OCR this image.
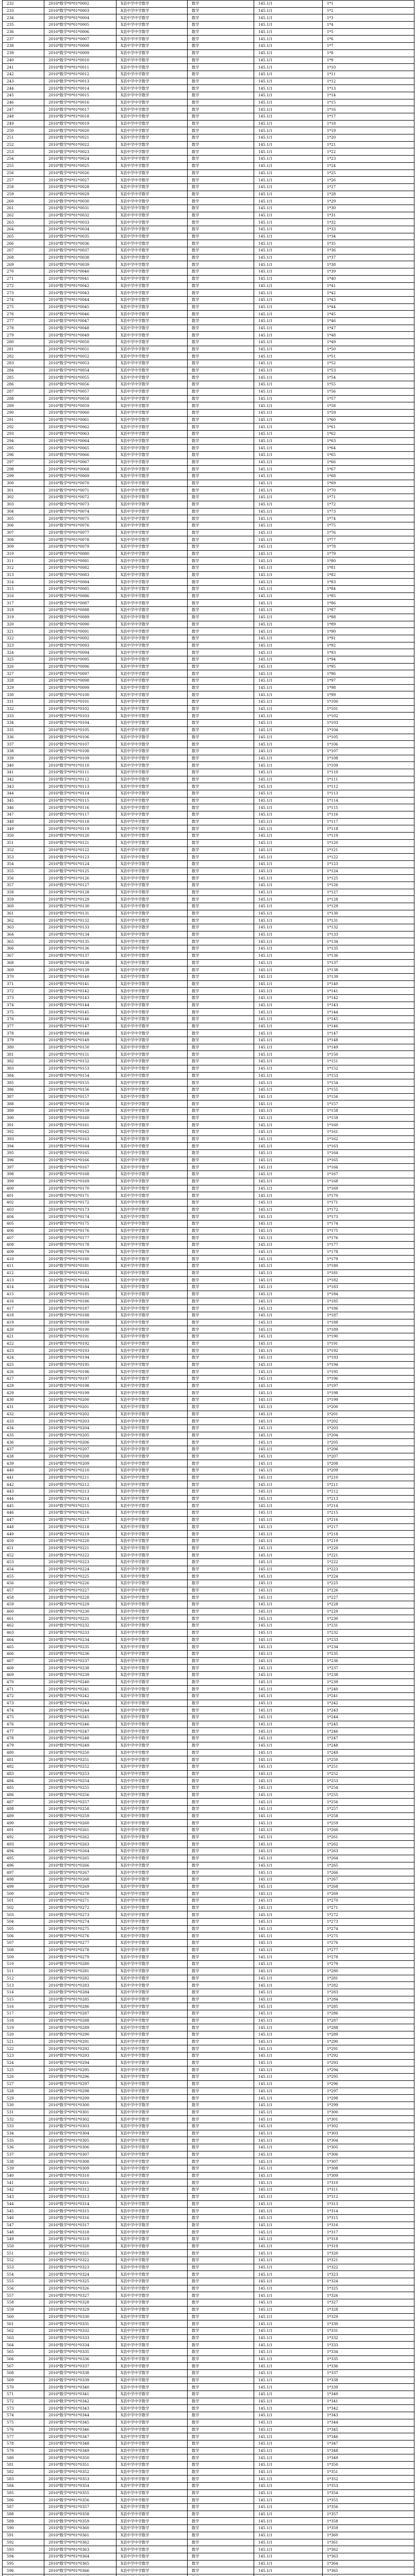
232	2016*数学*0*01*0002	X县中学中学数学	数学	145.1/1	1*1
233	2016*数学*0*01*0003	X县中学中学数学	数学	145.1/1	1*2
234	2016*数学*0*01*0004	X县中学中学数学	数学	145.1/1	1*3
235	2016*数学*0*01*0005	X县中学中学数学	数学	145.1/1	1*4
236	2016*数学*0*01*0006	X县中学中学数学	数学	145.1/1	1*5
237	2016*数学*0*01*0007	X县中学中学数学	数学	145.1/1	1*6
238	2016*数学*0*01*0008	X县中学中学数学	数学	145.1/1	1*7
239	2016*数学*0*01*0009	X县中学中学数学	数学	145.1/1	1*8
240	2016*数学*0*01*0010	X县中学中学数学	数学	145.1/1	1*9
241	2016*数学*0*01*0011	X县中学中学数学	数学	145.1/1	1*10
242	2016*数学*0*01*0012	X县中学中学数学	数学	145.1/1	1*11
243	2016*数学*0*01*0013	X县中学中学数学	数学	145.1/1	1*12
244	2016*数学*0*01*0014	X县中学中学数学	数学	145.1/1	1*13
245	2016*数学*0*01*0015	X县中学中学数学	数学	145.1/1	1*14
246	2016*数学*0*01*0016	X县中学中学数学	数学	145.1/1	1*15
247	2016*数学*0*01*0017	X县中学中学数学	数学	145.1/1	1*16
248	2016*数学*0*01*0018	X县中学中学数学	数学	145.1/1	1*17
249	2016*数学*0*01*0019	X县中学中学数学	数学	145.1/1	1*18
250	2016*数学*0*01*0020	X县中学中学数学	数学	145.1/1	1*19
251	2016*数学*0*01*0021	X县中学中学数学	数学	145.1/1	1*20
252	2016*数学*0*01*0022	X县中学中学数学	数学	145.1/1	1*21
253	2016*数学*0*01*0023	X县中学中学数学	数学	145.1/1	1*22
254	2016*数学*0*01*0024	X县中学中学数学	数学	145.1/1	1*23
255	2016*数学*0*01*0025	X县中学中学数学	数学	145.1/1	1*24
256	2016*数学*0*01*0026	X县中学中学数学	数学	145.1/1	1*25
257	2016*数学*0*01*0027	X县中学中学数学	数学	145.1/1	1*26
258	2016*数学*0*01*0028	X县中学中学数学	数学	145.1/1	1*27
259	2016*数学*0*01*0029	X县中学中学数学	数学	145.1/1	1*28
260	2016*数学*0*01*0030	X县中学中学数学	数学	145.1/1	1*29
261	2016*数学*0*01*0031	X县中学中学数学	数学	145.1/1	1*30
262	2016*数学*0*01*0032	X县中学中学数学	数学	145.1/1	1*31
263	2016*数学*0*01*0033	X县中学中学数学	数学	145.1/1	1*32
264	2016*数学*0*01*0034	X县中学中学数学	数学	145.1/1	1*33
265	2016*数学*0*01*0035	X县中学中学数学	数学	145.1/1	1*34
266	2016*数学*0*01*0036	X县中学中学数学	数学	145.1/1	1*35
267	2016*数学*0*01*0037	X县中学中学数学	数学	145.1/1	1*36
268	2016*数学*0*01*0038	X县中学中学数学	数学	145.1/1	1*37
269	2016*数学*0*01*0039	X县中学中学数学	数学	145.1/1	1*38
270	2016*数学*0*01*0040	X县中学中学数学	数学	145.1/1	1*39
271	2016*数学*0*01*0041	X县中学中学数学	数学	145.1/1	1*40
272	2016*数学*0*01*0042	X县中学中学数学	数学	145.1/1	1*41
273	2016*数学*0*01*0043	X县中学中学数学	数学	145.1/1	1*42
274	2016*数学*0*01*0044	X县中学中学数学	数学	145.1/1	1*43
275	2016*数学*0*01*0045	X县中学中学数学	数学	145.1/1	1*44
276	2016*数学*0*01*0046	X县中学中学数学	数学	145.1/1	1*45
277	2016*数学*0*01*0047	X县中学中学数学	数学	145.1/1	1*46
278	2016*数学*0*01*0048	X县中学中学数学	数学	145.1/1	1*47
279	2016*数学*0*01*0049	X县中学中学数学	数学	145.1/1	1*48
280	2016*数学*0*01*0050	X县中学中学数学	数学	145.1/1	1*49
281	2016*数学*0*01*0051	X县中学中学数学	数学	145.1/1	1*50
282	2016*数学*0*01*0052	X县中学中学数学	数学	145.1/1	1*51
283	2016*数学*0*01*0053	X县中学中学数学	数学	145.1/1	1*52
284	2016*数学*0*01*0054	X县中学中学数学	数学	145.1/1	1*53
285	2016*数学*0*01*0055	X县中学中学数学	数学	145.1/1	1*54
286	2016*数学*0*01*0056	X县中学中学数学	数学	145.1/1	1*55
287	2016*数学*0*01*0057	X县中学中学数学	数学	145.1/1	1*56
288	2016*数学*0*01*0058	X县中学中学数学	数学	145.1/1	1*57
289	2016*数学*0*01*0059	X县中学中学数学	数学	145.1/1	1*58
290	2016*数学*0*01*0060	X县中学中学数学	数学	145.1/1	1*59
291	2016*数学*0*01*0061	X县中学中学数学	数学	145.1/1	1*60
292	2016*数学*0*01*0062	X县中学中学数学	数学	145.1/1	1*61
293	2016*数学*0*01*0063	X县中学中学数学	数学	145.1/1	1*62
294	2016*数学*0*01*0064	X县中学中学数学	数学	145.1/1	1*63
295	2016*数学*0*01*0065	X县中学中学数学	数学	145.1/1	1*64
296	2016*数学*0*01*0066	X县中学中学数学	数学	145.1/1	1*65
297	2016*数学*0*01*0067	X县中学中学数学	数学	145.1/1	1*66
298	2016*数学*0*01*0068	X县中学中学数学	数学	145.1/1	1*67
299	2016*数学*0*01*0069	X县中学中学数学	数学	145.1/1	1*68
300	2016*数学*0*01*0070	X县中学中学数学	数学	145.1/1	1*69
301	2016*数学*0*01*0071	X县中学中学数学	数学	145.1/1	1*70
302	2016*数学*0*01*0072	X县中学中学数学	数学	145.1/1	1*71
303	2016*数学*0*01*0073	X县中学中学数学	数学	145.1/1	1*72
304	2016*数学*0*01*0074	X县中学中学数学	数学	145.1/1	1*73
305	2016*数学*0*01*0075	X县中学中学数学	数学	145.1/1	1*74
306	2016*数学*0*01*0076	X县中学中学数学	数学	145.1/1	1*75
307	2016*数学*0*01*0077	X县中学中学数学	数学	145.1/1	1*76
308	2016*数学*0*01*0078	X县中学中学数学	数学	145.1/1	1*77
309	2016*数学*0*01*0079	X县中学中学数学	数学	145.1/1	1*78
310	2016*数学*0*01*0080	X县中学中学数学	数学	145.1/1	1*79
311	2016*数学*0*01*0081	X县中学中学数学	数学	145.1/1	1*80
312	2016*数学*0*01*0082	X县中学中学数学	数学	145.1/1	1*81
313	2016*数学*0*01*0083	X县中学中学数学	数学	145.1/1	1*82
314	2016*数学*0*01*0084	X县中学中学数学	数学	145.1/1	1*83
315	2016*数学*0*01*0085	X县中学中学数学	数学	145.1/1	1*84
316	2016*数学*0*01*0086	X县中学中学数学	数学	145.1/1	1*85
317	2016*数学*0*01*0087	X县中学中学数学	数学	145.1/1	1*86
318	2016*数学*0*01*0088	X县中学中学数学	数学	145.1/1	1*87
319	2016*数学*0*01*0089	X县中学中学数学	数学	145.1/1	1*88
320	2016*数学*0*01*0090	X县中学中学数学	数学	145.1/1	1*89
321	2016*数学*0*01*0091	X县中学中学数学	数学	145.1/1	1*90
322	2016*数学*0*01*0092	X县中学中学数学	数学	145.1/1	1*91
323	2016*数学*0*01*0093	X县中学中学数学	数学	145.1/1	1*92
324	2016*数学*0*01*0094	X县中学中学数学	数学	145.1/1	1*93
325	2016*数学*0*01*0095	X县中学中学数学	数学	145.1/1	1*94
326	2016*数学*0*01*0096	X县中学中学数学	数学	145.1/1	1*95
327	2016*数学*0*01*0097	X县中学中学数学	数学	145.1/1	1*96
328	2016*数学*0*01*0098	X县中学中学数学	数学	145.1/1	1*97
329	2016*数学*0*01*0099	X县中学中学数学	数学	145.1/1	1*98
330	2016*数学*0*01*0100	X县中学中学数学	数学	145.1/1	1*99
331	2016*数学*0*01*0101	X县中学中学数学	数学	145.1/1	1*100
332	2016*数学*0*01*0102	X县中学中学数学	数学	145.1/1	1*101
333	2016*数学*0*01*0103	X县中学中学数学	数学	145.1/1	1*102
334	2016*数学*0*01*0104	X县中学中学数学	数学	145.1/1	1*103
335	2016*数学*0*01*0105	X县中学中学数学	数学	145.1/1	1*104
336	2016*数学*0*01*0106	X县中学中学数学	数学	145.1/1	1*105
337	2016*数学*0*01*0107	X县中学中学数学	数学	145.1/1	1*106
338	2016*数学*0*01*0108	X县中学中学数学	数学	145.1/1	1*107
339	2016*数学*0*01*0109	X县中学中学数学	数学	145.1/1	1*108
340	2016*数学*0*01*0110	X县中学中学数学	数学	145.1/1	1*109
341	2016*数学*0*01*0111	X县中学中学数学	数学	145.1/1	1*110
342	2016*数学*0*01*0112	X县中学中学数学	数学	145.1/1	1*111
343	2016*数学*0*01*0113	X县中学中学数学	数学	145.1/1	1*112
344	2016*数学*0*01*0114	X县中学中学数学	数学	145.1/1	1*113
345	2016*数学*0*01*0115	X县中学中学数学	数学	145.1/1	1*114
346	2016*数学*0*01*0116	X县中学中学数学	数学	145.1/1	1*115
347	2016*数学*0*01*0117	X县中学中学数学	数学	145.1/1	1*116
348	2016*数学*0*01*0118	X县中学中学数学	数学	145.1/1	1*117
349	2016*数学*0*01*0119	X县中学中学数学	数学	145.1/1	1*118
350	2016*数学*0*01*0120	X县中学中学数学	数学	145.1/1	1*119
351	2016*数学*0*01*0121	X县中学中学数学	数学	145.1/1	1*120
352	2016*数学*0*01*0122	X县中学中学数学	数学	145.1/1	1*121
353	2016*数学*0*01*0123	X县中学中学数学	数学	145.1/1	1*122
354	2016*数学*0*01*0124	X县中学中学数学	数学	145.1/1	1*123
355	2016*数学*0*01*0125	X县中学中学数学	数学	145.1/1	1*124
356	2016*数学*0*01*0126	X县中学中学数学	数学	145.1/1	1*125
357	2016*数学*0*01*0127	X县中学中学数学	数学	145.1/1	1*126
358	2016*数学*0*01*0128	X县中学中学数学	数学	145.1/1	1*127
359	2016*数学*0*01*0129	X县中学中学数学	数学	145.1/1	1*128
360	2016*数学*0*01*0130	X县中学中学数学	数学	145.1/1	1*129
361	2016*数学*0*01*0131	X县中学中学数学	数学	145.1/1	1*130
362	2016*数学*0*01*0132	X县中学中学数学	数学	145.1/1	1*131
363	2016*数学*0*01*0133	X县中学中学数学	数学	145.1/1	1*132
364	2016*数学*0*01*0134	X县中学中学数学	数学	145.1/1	1*133
365	2016*数学*0*01*0135	X县中学中学数学	数学	145.1/1	1*134
366	2016*数学*0*01*0136	X县中学中学数学	数学	145.1/1	1*135
367	2016*数学*0*01*0137	X县中学中学数学	数学	145.1/1	1*136
368	2016*数学*0*01*0138	X县中学中学数学	数学	145.1/1	1*137
369	2016*数学*0*01*0139	X县中学中学数学	数学	145.1/1	1*138
370	2016*数学*0*01*0140	X县中学中学数学	数学	145.1/1	1*139
371	2016*数学*0*01*0141	X县中学中学数学	数学	145.1/1	1*140
372	2016*数学*0*01*0142	X县中学中学数学	数学	145.1/1	1*141
373	2016*数学*0*01*0143	X县中学中学数学	数学	145.1/1	1*142
374	2016*数学*0*01*0144	X县中学中学数学	数学	145.1/1	1*143
375	2016*数学*0*01*0145	X县中学中学数学	数学	145.1/1	1*144
376	2016*数学*0*01*0146	X县中学中学数学	数学	145.1/1	1*145
377	2016*数学*0*01*0147	X县中学中学数学	数学	145.1/1	1*146
378	2016*数学*0*01*0148	X县中学中学数学	数学	145.1/1	1*147
379	2016*数学*0*01*0149	X县中学中学数学	数学	145.1/1	1*148
380	2016*数学*0*01*0150	X县中学中学数学	数学	145.1/1	1*149
381	2016*数学*0*01*0151	X县中学中学数学	数学	145.1/1	1*150
382	2016*数学*0*01*0152	X县中学中学数学	数学	145.1/1	1*151
383	2016*数学*0*01*0153	X县中学中学数学	数学	145.1/1	1*152
384	2016*数学*0*01*0154	X县中学中学数学	数学	145.1/1	1*153
385	2016*数学*0*01*0155	X县中学中学数学	数学	145.1/1	1*154
386	2016*数学*0*01*0156	X县中学中学数学	数学	145.1/1	1*155
387	2016*数学*0*01*0157	X县中学中学数学	数学	145.1/1	1*156
388	2016*数学*0*01*0158	X县中学中学数学	数学	145.1/1	1*157
389	2016*数学*0*01*0159	X县中学中学数学	数学	145.1/1	1*158
390	2016*数学*0*01*0160	X县中学中学数学	数学	145.1/1	1*159
391	2016*数学*0*01*0161	X县中学中学数学	数学	145.1/1	1*160
392	2016*数学*0*01*0162	X县中学中学数学	数学	145.1/1	1*161
393	2016*数学*0*01*0163	X县中学中学数学	数学	145.1/1	1*162
394	2016*数学*0*01*0164	X县中学中学数学	数学	145.1/1	1*163
395	2016*数学*0*01*0165	X县中学中学数学	数学	145.1/1	1*164
396	2016*数学*0*01*0166	X县中学中学数学	数学	145.1/1	1*165
397	2016*数学*0*01*0167	X县中学中学数学	数学	145.1/1	1*166
398	2016*数学*0*01*0168	X县中学中学数学	数学	145.1/1	1*167
399	2016*数学*0*01*0169	X县中学中学数学	数学	145.1/1	1*168
400	2016*数学*0*01*0170	X县中学中学数学	数学	145.1/1	1*169
401	2016*数学*0*01*0171	X县中学中学数学	数学	145.1/1	1*170
402	2016*数学*0*01*0172	X县中学中学数学	数学	145.1/1	1*171
403	2016*数学*0*01*0173	X县中学中学数学	数学	145.1/1	1*172
404	2016*数学*0*01*0174	X县中学中学数学	数学	145.1/1	1*173
405	2016*数学*0*01*0175	X县中学中学数学	数学	145.1/1	1*174
406	2016*数学*0*01*0176	X县中学中学数学	数学	145.1/1	1*175
407	2016*数学*0*01*0177	X县中学中学数学	数学	145.1/1	1*176
408	2016*数学*0*01*0178	X县中学中学数学	数学	145.1/1	1*177
409	2016*数学*0*01*0179	X县中学中学数学	数学	145.1/1	1*178
410	2016*数学*0*01*0180	X县中学中学数学	数学	145.1/1	1*179
411	2016*数学*0*01*0181	X县中学中学数学	数学	145.1/1	1*180
412	2016*数学*0*01*0182	X县中学中学数学	数学	145.1/1	1*181
413	2016*数学*0*01*0183	X县中学中学数学	数学	145.1/1	1*182
414	2016*数学*0*01*0184	X县中学中学数学	数学	145.1/1	1*183
415	2016*数学*0*01*0185	X县中学中学数学	数学	145.1/1	1*184
416	2016*数学*0*01*0186	X县中学中学数学	数学	145.1/1	1*185
417	2016*数学*0*01*0187	X县中学中学数学	数学	145.1/1	1*186
418	2016*数学*0*01*0188	X县中学中学数学	数学	145.1/1	1*187
419	2016*数学*0*01*0189	X县中学中学数学	数学	145.1/1	1*188
420	2016*数学*0*01*0190	X县中学中学数学	数学	145.1/1	1*189
421	2016*数学*0*01*0191	X县中学中学数学	数学	145.1/1	1*190
422	2016*数学*0*01*0192	X县中学中学数学	数学	145.1/1	1*191
423	2016*数学*0*01*0193	X县中学中学数学	数学	145.1/1	1*192
424	2016*数学*0*01*0194	X县中学中学数学	数学	145.1/1	1*193
425	2016*数学*0*01*0195	X县中学中学数学	数学	145.1/1	1*194
426	2016*数学*0*01*0196	X县中学中学数学	数学	145.1/1	1*195
427	2016*数学*0*01*0197	X县中学中学数学	数学	145.1/1	1*196
428	2016*数学*0*01*0198	X县中学中学数学	数学	145.1/1	1*197
429	2016*数学*0*01*0199	X县中学中学数学	数学	145.1/1	1*198
430	2016*数学*0*01*0200	X县中学中学数学	数学	145.1/1	1*199
431	2016*数学*0*01*0201	X县中学中学数学	数学	145.1/1	1*200
432	2016*数学*0*01*0202	X县中学中学数学	数学	145.1/1	1*201
433	2016*数学*0*01*0203	X县中学中学数学	数学	145.1/1	1*202
434	2016*数学*0*01*0204	X县中学中学数学	数学	145.1/1	1*203
435	2016*数学*0*01*0205	X县中学中学数学	数学	145.1/1	1*204
436	2016*数学*0*01*0206	X县中学中学数学	数学	145.1/1	1*205
437	2016*数学*0*01*0207	X县中学中学数学	数学	145.1/1	1*206
438	2016*数学*0*01*0208	X县中学中学数学	数学	145.1/1	1*207
439	2016*数学*0*01*0209	X县中学中学数学	数学	145.1/1	1*208
440	2016*数学*0*01*0210	X县中学中学数学	数学	145.1/1	1*209
441	2016*数学*0*01*0211	X县中学中学数学	数学	145.1/1	1*210
442	2016*数学*0*01*0212	X县中学中学数学	数学	145.1/1	1*211
443	2016*数学*0*01*0213	X县中学中学数学	数学	145.1/1	1*212
444	2016*数学*0*01*0214	X县中学中学数学	数学	145.1/1	1*213
445	2016*数学*0*01*0215	X县中学中学数学	数学	145.1/1	1*214
446	2016*数学*0*01*0216	X县中学中学数学	数学	145.1/1	1*215
447	2016*数学*0*01*0217	X县中学中学数学	数学	145.1/1	1*216
448	2016*数学*0*01*0218	X县中学中学数学	数学	145.1/1	1*217
449	2016*数学*0*01*0219	X县中学中学数学	数学	145.1/1	1*218
450	2016*数学*0*01*0220	X县中学中学数学	数学	145.1/1	1*219
451	2016*数学*0*01*0221	X县中学中学数学	数学	145.1/1	1*220
452	2016*数学*0*01*0222	X县中学中学数学	数学	145.1/1	1*221
453	2016*数学*0*01*0223	X县中学中学数学	数学	145.1/1	1*222
454	2016*数学*0*01*0224	X县中学中学数学	数学	145.1/1	1*223
455	2016*数学*0*01*0225	X县中学中学数学	数学	145.1/1	1*224
456	2016*数学*0*01*0226	X县中学中学数学	数学	145.1/1	1*225
457	2016*数学*0*01*0227	X县中学中学数学	数学	145.1/1	1*226
458	2016*数学*0*01*0228	X县中学中学数学	数学	145.1/1	1*227
459	2016*数学*0*01*0229	X县中学中学数学	数学	145.1/1	1*228
460	2016*数学*0*01*0230	X县中学中学数学	数学	145.1/1	1*229
461	2016*数学*0*01*0231	X县中学中学数学	数学	145.1/1	1*230
462	2016*数学*0*01*0232	X县中学中学数学	数学	145.1/1	1*231
463	2016*数学*0*01*0233	X县中学中学数学	数学	145.1/1	1*232
464	2016*数学*0*01*0234	X县中学中学数学	数学	145.1/1	1*233
465	2016*数学*0*01*0235	X县中学中学数学	数学	145.1/1	1*234
466	2016*数学*0*01*0236	X县中学中学数学	数学	145.1/1	1*235
467	2016*数学*0*01*0237	X县中学中学数学	数学	145.1/1	1*236
468	2016*数学*0*01*0238	X县中学中学数学	数学	145.1/1	1*237
469	2016*数学*0*01*0239	X县中学中学数学	数学	145.1/1	1*238
470	2016*数学*0*01*0240	X县中学中学数学	数学	145.1/1	1*239
471	2016*数学*0*01*0241	X县中学中学数学	数学	145.1/1	1*240
472	2016*数学*0*01*0242	X县中学中学数学	数学	145.1/1	1*241
473	2016*数学*0*01*0243	X县中学中学数学	数学	145.1/1	1*242
474	2016*数学*0*01*0244	X县中学中学数学	数学	145.1/1	1*243
475	2016*数学*0*01*0245	X县中学中学数学	数学	145.1/1	1*244
476	2016*数学*0*01*0246	X县中学中学数学	数学	145.1/1	1*245
477	2016*数学*0*01*0247	X县中学中学数学	数学	145.1/1	1*246
478	2016*数学*0*01*0248	X县中学中学数学	数学	145.1/1	1*247
479	2016*数学*0*01*0249	X县中学中学数学	数学	145.1/1	1*248
480	2016*数学*0*01*0250	X县中学中学数学	数学	145.1/1	1*249
481	2016*数学*0*01*0251	X县中学中学数学	数学	145.1/1	1*250
482	2016*数学*0*01*0252	X县中学中学数学	数学	145.1/1	1*251
483	2016*数学*0*01*0253	X县中学中学数学	数学	145.1/1	1*252
484	2016*数学*0*01*0254	X县中学中学数学	数学	145.1/1	1*253
485	2016*数学*0*01*0255	X县中学中学数学	数学	145.1/1	1*254
486	2016*数学*0*01*0256	X县中学中学数学	数学	145.1/1	1*255
487	2016*数学*0*01*0257	X县中学中学数学	数学	145.1/1	1*256
488	2016*数学*0*01*0258	X县中学中学数学	数学	145.1/1	1*257
489	2016*数学*0*01*0259	X县中学中学数学	数学	145.1/1	1*258
490	2016*数学*0*01*0260	X县中学中学数学	数学	145.1/1	1*259
491	2016*数学*0*01*0261	X县中学中学数学	数学	145.1/1	1*260
492	2016*数学*0*01*0262	X县中学中学数学	数学	145.1/1	1*261
493	2016*数学*0*01*0263	X县中学中学数学	数学	145.1/1	1*262
494	2016*数学*0*01*0264	X县中学中学数学	数学	145.1/1	1*263
495	2016*数学*0*01*0265	X县中学中学数学	数学	145.1/1	1*264
496	2016*数学*0*01*0266	X县中学中学数学	数学	145.1/1	1*265
497	2016*数学*0*01*0267	X县中学中学数学	数学	145.1/1	1*266
498	2016*数学*0*01*0268	X县中学中学数学	数学	145.1/1	1*267
499	2016*数学*0*01*0269	X县中学中学数学	数学	145.1/1	1*268
500	2016*数学*0*01*0270	X县中学中学数学	数学	145.1/1	1*269
501	2016*数学*0*01*0271	X县中学中学数学	数学	145.1/1	1*270
502	2016*数学*0*01*0272	X县中学中学数学	数学	145.1/1	1*271
503	2016*数学*0*01*0273	X县中学中学数学	数学	145.1/1	1*272
504	2016*数学*0*01*0274	X县中学中学数学	数学	145.1/1	1*273
505	2016*数学*0*01*0275	X县中学中学数学	数学	145.1/1	1*274
506	2016*数学*0*01*0276	X县中学中学数学	数学	145.1/1	1*275
507	2016*数学*0*01*0277	X县中学中学数学	数学	145.1/1	1*276
508	2016*数学*0*01*0278	X县中学中学数学	数学	145.1/1	1*277
509	2016*数学*0*01*0279	X县中学中学数学	数学	145.1/1	1*278
510	2016*数学*0*01*0280	X县中学中学数学	数学	145.1/1	1*279
511	2016*数学*0*01*0281	X县中学中学数学	数学	145.1/1	1*280
512	2016*数学*0*01*0282	X县中学中学数学	数学	145.1/1	1*281
513	2016*数学*0*01*0283	X县中学中学数学	数学	145.1/1	1*282
514	2016*数学*0*01*0284	X县中学中学数学	数学	145.1/1	1*283
515	2016*数学*0*01*0285	X县中学中学数学	数学	145.1/1	1*284
516	2016*数学*0*01*0286	X县中学中学数学	数学	145.1/1	1*285
517	2016*数学*0*01*0287	X县中学中学数学	数学	145.1/1	1*286
518	2016*数学*0*01*0288	X县中学中学数学	数学	145.1/1	1*287
519	2016*数学*0*01*0289	X县中学中学数学	数学	145.1/1	1*288
520	2016*数学*0*01*0290	X县中学中学数学	数学	145.1/1	1*289
521	2016*数学*0*01*0291	X县中学中学数学	数学	145.1/1	1*290
522	2016*数学*0*01*0292	X县中学中学数学	数学	145.1/1	1*291
523	2016*数学*0*01*0293	X县中学中学数学	数学	145.1/1	1*292
524	2016*数学*0*01*0294	X县中学中学数学	数学	145.1/1	1*293
525	2016*数学*0*01*0295	X县中学中学数学	数学	145.1/1	1*294
526	2016*数学*0*01*0296	X县中学中学数学	数学	145.1/1	1*295
527	2016*数学*0*01*0297	X县中学中学数学	数学	145.1/1	1*296
528	2016*数学*0*01*0298	X县中学中学数学	数学	145.1/1	1*297
529	2016*数学*0*01*0299	X县中学中学数学	数学	145.1/1	1*298
530	2016*数学*0*01*0300	X县中学中学数学	数学	145.1/1	1*299
531	2016*数学*0*01*0301	X县中学中学数学	数学	145.1/1	1*300
532	2016*数学*0*01*0302	X县中学中学数学	数学	145.1/1	1*301
533	2016*数学*0*01*0303	X县中学中学数学	数学	145.1/1	1*302
534	2016*数学*0*01*0304	X县中学中学数学	数学	145.1/1	1*303
535	2016*数学*0*01*0305	X县中学中学数学	数学	145.1/1	1*304
536	2016*数学*0*01*0306	X县中学中学数学	数学	145.1/1	1*305
537	2016*数学*0*01*0307	X县中学中学数学	数学	145.1/1	1*306
538	2016*数学*0*01*0308	X县中学中学数学	数学	145.1/1	1*307
539	2016*数学*0*01*0309	X县中学中学数学	数学	145.1/1	1*308
540	2016*数学*0*01*0310	X县中学中学数学	数学	145.1/1	1*309
541	2016*数学*0*01*0311	X县中学中学数学	数学	145.1/1	1*310
542	2016*数学*0*01*0312	X县中学中学数学	数学	145.1/1	1*311
543	2016*数学*0*01*0313	X县中学中学数学	数学	145.1/1	1*312
544	2016*数学*0*01*0314	X县中学中学数学	数学	145.1/1	1*313
545	2016*数学*0*01*0315	X县中学中学数学	数学	145.1/1	1*314
546	2016*数学*0*01*0316	X县中学中学数学	数学	145.1/1	1*315
547	2016*数学*0*01*0317	X县中学中学数学	数学	145.1/1	1*316
548	2016*数学*0*01*0318	X县中学中学数学	数学	145.1/1	1*317
549	2016*数学*0*01*0319	X县中学中学数学	数学	145.1/1	1*318
550	2016*数学*0*01*0320	X县中学中学数学	数学	145.1/1	1*319
551	2016*数学*0*01*0321	X县中学中学数学	数学	145.1/1	1*320
552	2016*数学*0*01*0322	X县中学中学数学	数学	145.1/1	1*321
553	2016*数学*0*01*0323	X县中学中学数学	数学	145.1/1	1*322
554	2016*数学*0*01*0324	X县中学中学数学	数学	145.1/1	1*323
555	2016*数学*0*01*0325	X县中学中学数学	数学	145.1/1	1*324
556	2016*数学*0*01*0326	X县中学中学数学	数学	145.1/1	1*325
557	2016*数学*0*01*0327	X县中学中学数学	数学	145.1/1	1*326
558	2016*数学*0*01*0328	X县中学中学数学	数学	145.1/1	1*327
559	2016*数学*0*01*0329	X县中学中学数学	数学	145.1/1	1*328
560	2016*数学*0*01*0330	X县中学中学数学	数学	145.1/1	1*329
561	2016*数学*0*01*0331	X县中学中学数学	数学	145.1/1	1*330
562	2016*数学*0*01*0332	X县中学中学数学	数学	145.1/1	1*331
563	2016*数学*0*01*0333	X县中学中学数学	数学	145.1/1	1*332
564	2016*数学*0*01*0334	X县中学中学数学	数学	145.1/1	1*333
565	2016*数学*0*01*0335	X县中学中学数学	数学	145.1/1	1*334
566	2016*数学*0*01*0336	X县中学中学数学	数学	145.1/1	1*335
567	2016*数学*0*01*0337	X县中学中学数学	数学	145.1/1	1*336
568	2016*数学*0*01*0338	X县中学中学数学	数学	145.1/1	1*337
569	2016*数学*0*01*0339	X县中学中学数学	数学	145.1/1	1*338
570	2016*数学*0*01*0340	X县中学中学数学	数学	145.1/1	1*339
571	2016*数学*0*01*0341	X县中学中学数学	数学	145.1/1	1*340
572	2016*数学*0*01*0342	X县中学中学数学	数学	145.1/1	1*341
573	2016*数学*0*01*0343	X县中学中学数学	数学	145.1/1	1*342
574	2016*数学*0*01*0344	X县中学中学数学	数学	145.1/1	1*343
575	2016*数学*0*01*0345	X县中学中学数学	数学	145.1/1	1*344
576	2016*数学*0*01*0346	X县中学中学数学	数学	145.1/1	1*345
577	2016*数学*0*01*0347	X县中学中学数学	数学	145.1/1	1*346
578	2016*数学*0*01*0348	X县中学中学数学	数学	145.1/1	1*347
579	2016*数学*0*01*0349	X县中学中学数学	数学	145.1/1	1*348
580	2016*数学*0*01*0350	X县中学中学数学	数学	145.1/1	1*349
581	2016*数学*0*01*0351	X县中学中学数学	数学	145.1/1	1*350
582	2016*数学*0*01*0352	X县中学中学数学	数学	145.1/1	1*351
583	2016*数学*0*01*0353	X县中学中学数学	数学	145.1/1	1*352
584	2016*数学*0*01*0354	X县中学中学数学	数学	145.1/1	1*353
585	2016*数学*0*01*0355	X县中学中学数学	数学	145.1/1	1*354
586	2016*数学*0*01*0356	X县中学中学数学	数学	145.1/1	1*355
587	2016*数学*0*01*0357	X县中学中学数学	数学	145.1/1	1*356
588	2016*数学*0*01*0358	X县中学中学数学	数学	145.1/1	1*357
589	2016*数学*0*01*0359	X县中学中学数学	数学	145.1/1	1*358
590	2016*数学*0*01*0360	X县中学中学数学	数学	145.1/1	1*359
591	2016*数学*0*01*0361	X县中学中学数学	数学	145.1/1	1*360
592	2016*数学*0*01*0362	X县中学中学数学	数学	145.1/1	1*361
593	2016*数学*0*01*0363	X县中学中学数学	数学	145.1/1	1*362
594	2016*数学*0*01*0364	X县中学中学数学	数学	145.1/1	1*363
595	2016*数学*0*01*0365	X县中学中学数学	数学	145.1/1	1*364
596	2016*数学*0*01*0366	X县中学中学数学	数学	145.1/1	1*365
